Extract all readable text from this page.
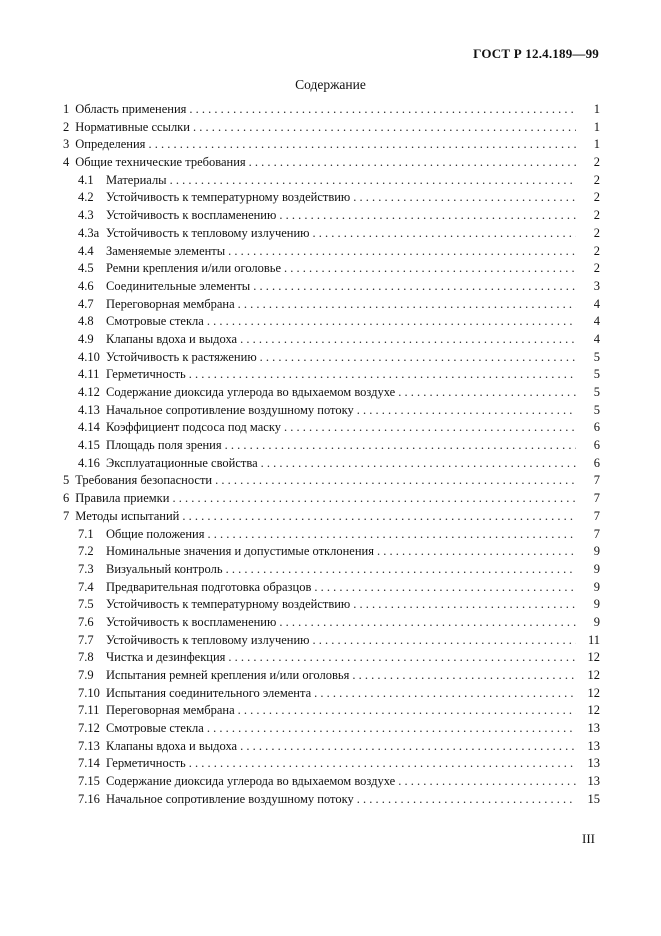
ГОСТ Р 12.4.189—99
Содержание
1 Область применения . . .	1
2 Нормативные ссылки . . .	1
3 Определения . . .	1
4 Общие технические требования . . .	2
4.1 Материалы . . .	2
4.2 Устойчивость к температурному воздействию . . .	2
4.3 Устойчивость к воспламенению . . .	2
4.3а Устойчивость к тепловому излучению . . .	2
4.4 Заменяемые элементы . . .	2
4.5 Ремни крепления и/или оголовье . . .	2
4.6 Соединительные элементы . . .	3
4.7 Переговорная мембрана . . .	4
4.8 Смотровые стекла . . .	4
4.9 Клапаны вдоха и выдоха . . .	4
4.10 Устойчивость к растяжению . . .	5
4.11 Герметичность . . .	5
4.12 Содержание диоксида углерода во вдыхаемом воздухе . . .	5
4.13 Начальное сопротивление воздушному потоку . . .	5
4.14 Коэффициент подсоса под маску . . .	6
4.15 Площадь поля зрения . . .	6
4.16 Эксплуатационные свойства . . .	6
5 Требования безопасности . . .	7
6 Правила приемки . . .	7
7 Методы испытаний . . .	7
7.1 Общие положения . . .	7
7.2 Номинальные значения и допустимые отклонения . . .	9
7.3 Визуальный контроль . . .	9
7.4 Предварительная подготовка образцов . . .	9
7.5 Устойчивость к температурному воздействию . . .	9
7.6 Устойчивость к воспламенению . . .	9
7.7 Устойчивость к тепловому излучению . . .	11
7.8 Чистка и дезинфекция . . .	12
7.9 Испытания ремней крепления и/или оголовья . . .	12
7.10 Испытания соединительного элемента . . .	12
7.11 Переговорная мембрана . . .	12
7.12 Смотровые стекла . . .	13
7.13 Клапаны вдоха и выдоха . . .	13
7.14 Герметичность . . .	13
7.15 Содержание диоксида углерода во вдыхаемом воздухе . . .	13
7.16 Начальное сопротивление воздушному потоку . . .	15
III
